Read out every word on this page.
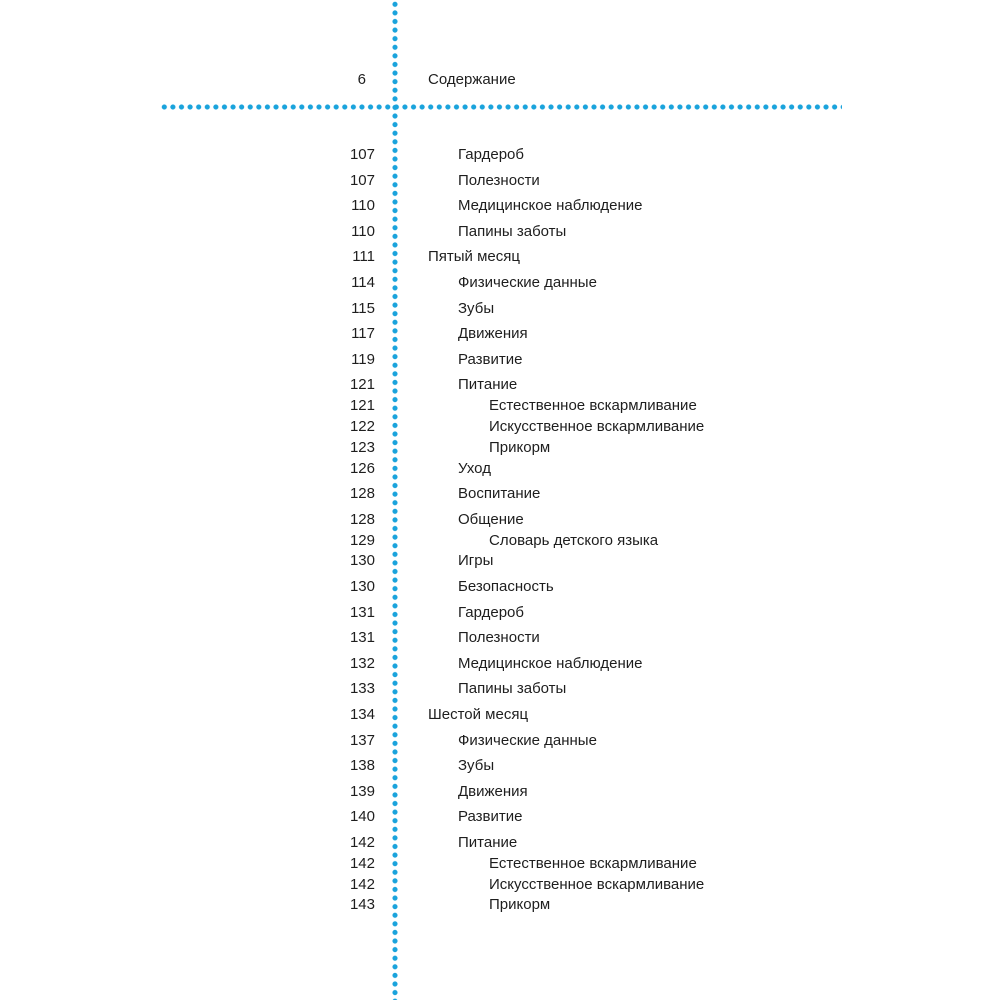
6	Содержание
107	Гардероб
107	Полезности
110	Медицинское наблюдение
110	Папины заботы
111	Пятый месяц
114	Физические данные
115	Зубы
117	Движения
119	Развитие
121	Питание
121	Естественное вскармливание
122	Искусственное вскармливание
123	Прикорм
126	Уход
128	Воспитание
128	Общение
129	Словарь детского языка
130	Игры
130	Безопасность
131	Гардероб
131	Полезности
132	Медицинское наблюдение
133	Папины заботы
134	Шестой месяц
137	Физические данные
138	Зубы
139	Движения
140	Развитие
142	Питание
142	Естественное вскармливание
142	Искусственное вскармливание
143	Прикорм
